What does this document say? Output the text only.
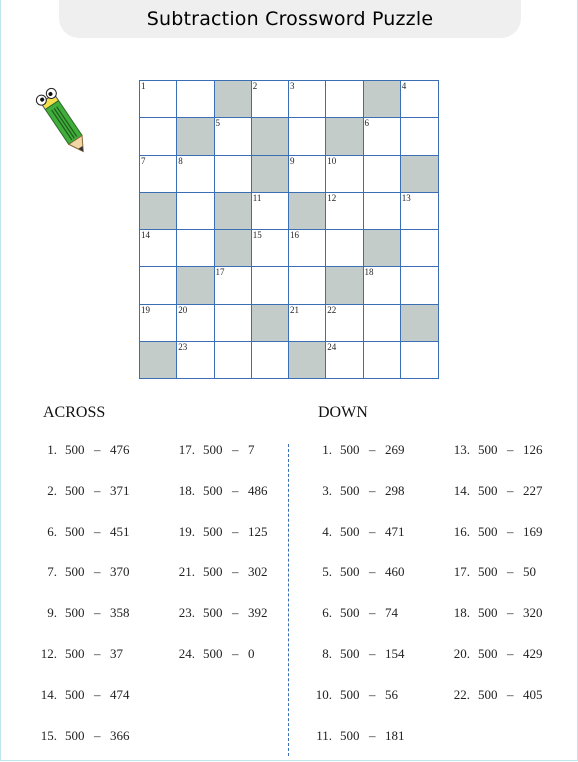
Subtraction Crossword Puzzle
1	2	3	4
5	6
7	8	9	10
11	12	13
14	15	16
17	18
19	20	21	22
23	24
ACROSS	DOWN
1. 500 – 476
2. 500 – 371
6. 500 – 451
7. 500 – 370
9. 500 – 358
12. 500 – 37
14. 500 – 474
15. 500 – 366
17. 500 – 7
18. 500 – 486
19. 500 – 125
21. 500 – 302
23. 500 – 392
24. 500 – 0
1. 500 – 269
3. 500 – 298
4. 500 – 471
5. 500 – 460
6. 500 – 74
8. 500 – 154
10. 500 – 56
11. 500 – 181
13. 500 – 126
14. 500 – 227
16. 500 – 169
17. 500 – 50
18. 500 – 320
20. 500 – 429
22. 500 – 405
